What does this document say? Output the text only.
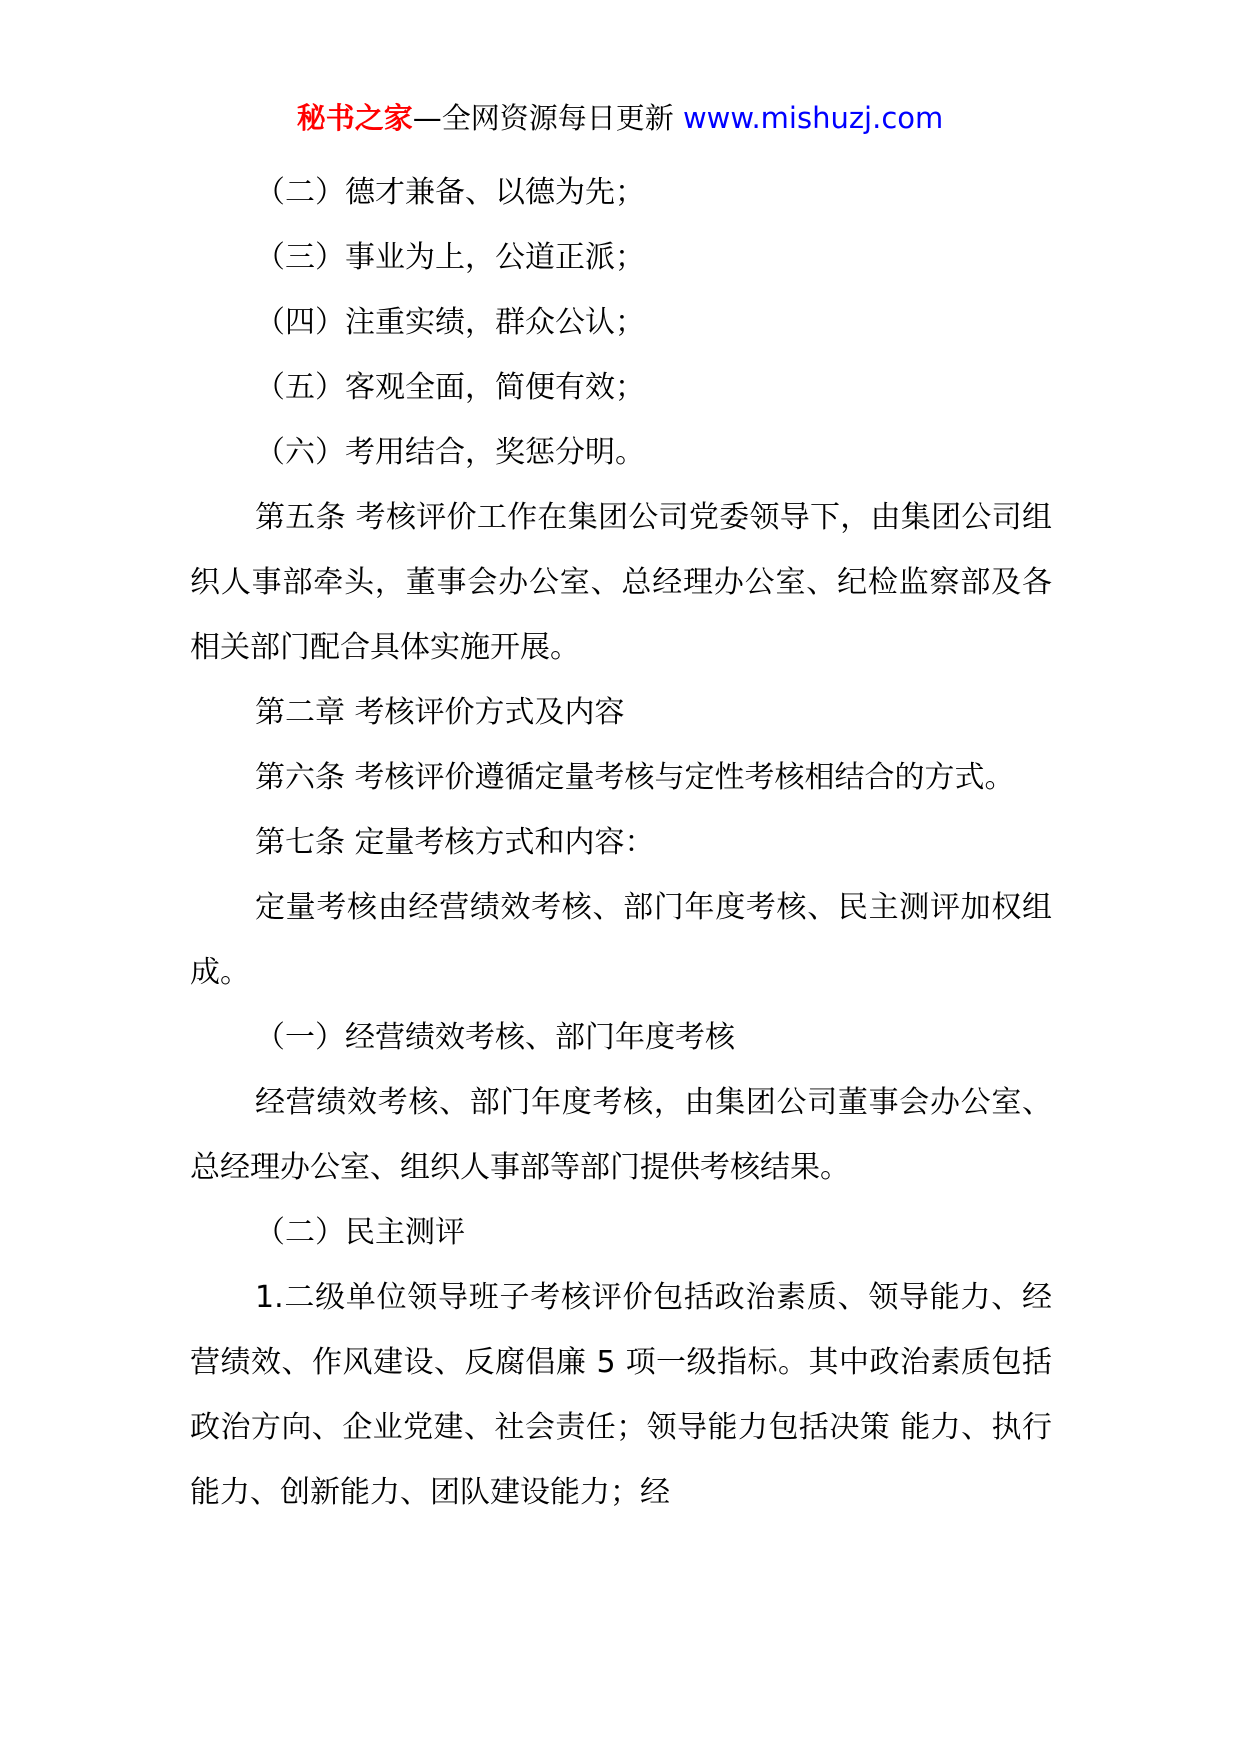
秘书之家—全网资源每日更新 www.mishuzj.com

（二）德才兼备、以德为先；

（三）事业为上，公道正派；

（四）注重实绩，群众公认；

（五）客观全面，简便有效；

（六）考用结合，奖惩分明。

第五条 考核评价工作在集团公司党委领导下，由集团公司组织人事部牵头，董事会办公室、总经理办公室、纪检监察部及各相关部门配合具体实施开展。

第二章 考核评价方式及内容

第六条 考核评价遵循定量考核与定性考核相结合的方式。

第七条 定量考核方式和内容：

定量考核由经营绩效考核、部门年度考核、民主测评加权组成。

（一）经营绩效考核、部门年度考核

经营绩效考核、部门年度考核，由集团公司董事会办公室、总经理办公室、组织人事部等部门提供考核结果。

（二）民主测评

1.二级单位领导班子考核评价包括政治素质、领导能力、经营绩效、作风建设、反腐倡廉 5 项一级指标。其中政治素质包括政治方向、企业党建、社会责任；领导能力包括决策 能力、执行能力、创新能力、团队建设能力；经
